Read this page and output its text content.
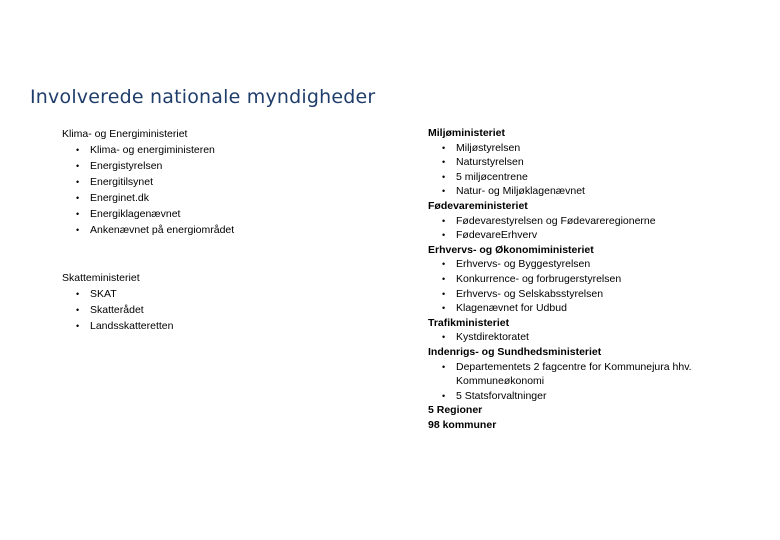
Involverede nationale myndigheder
Klima- og Energiministeriet
• Klima- og energiministeren
• Energistyrelsen
• Energitilsynet
• Energinet.dk
• Energiklagenævnet
• Ankenævnet på energiområdet
Skatteministeriet
• SKAT
• Skatterådet
• Landsskatteretten
Miljøministeriet
• Miljøstyrelsen
• Naturstyrelsen
• 5 miljøcentrene
• Natur- og Miljøklagenævnet
Fødevareministeriet
• Fødevarestyrelsen og Fødevareregionerne
• FødevareErhverv
Erhvervs- og Økonomiministeriet
• Erhvervs- og Byggestyrelsen
• Konkurrence- og forbrugerstyrelsen
• Erhvervs- og Selskabsstyrelsen
• Klagenævnet for Udbud
Trafikministeriet
• Kystdirektoratet
Indenrigs- og Sundhedsministeriet
• Departementets 2 fagcentre for Kommunejura hhv. Kommuneøkonomi
• 5 Statsforvaltninger
5 Regioner
98 kommuner
